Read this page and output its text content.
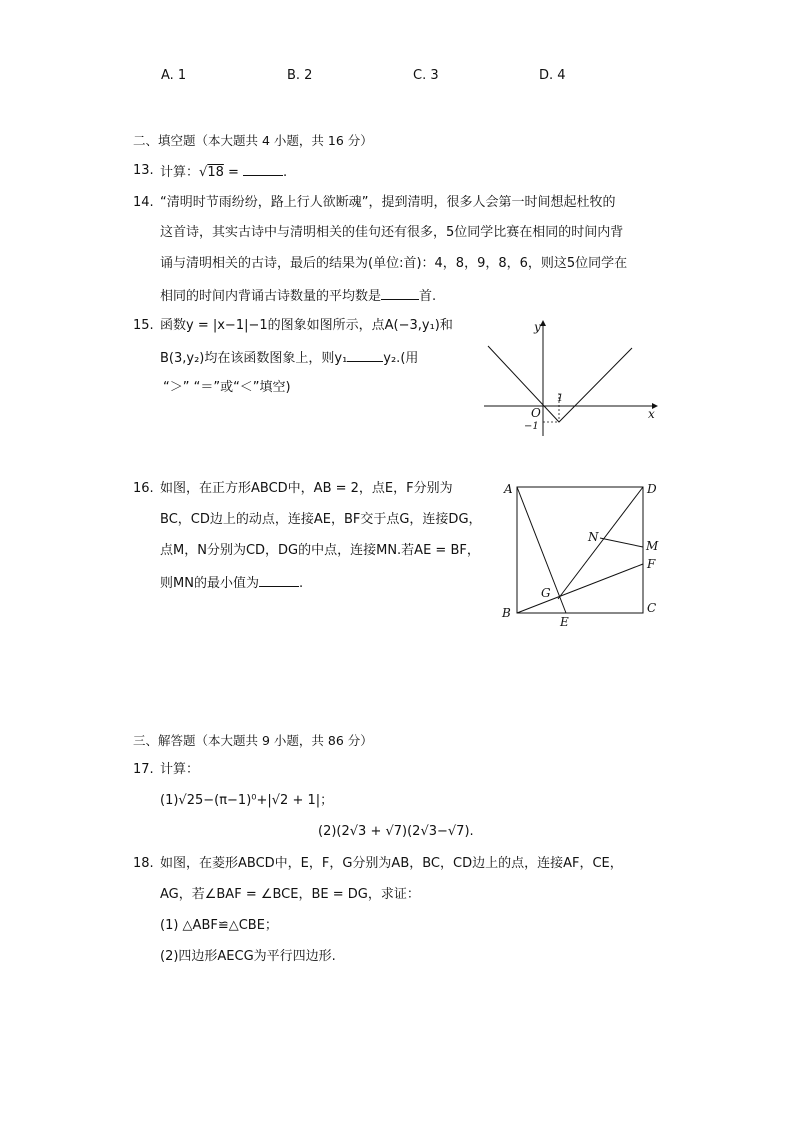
A. 1	B. 2	C. 3	D. 4
二、填空题（本大题共 4 小题，共 16 分）
13. 计算：√18 =	.
14. “清明时节雨纷纷，路上行人欲断魂”，提到清明，很多人会第一时间想起杜牧的
这首诗，其实古诗中与清明相关的佳句还有很多，5位同学比赛在相同的时间内背
诵与清明相关的古诗，最后的结果为(单位:首)：4，8，9，8，6，则这5位同学在
相同的时间内背诵古诗数量的平均数是	首.
15. 函数y = |x−1|−1的图象如图所示，点A(−3,y₁)和
B(3,y₂)均在该函数图象上，则y₁	y₂.(用
“＞” “＝”或“＜”填空)
y
x
O
1
−1
16. 如图，在正方形ABCD中，AB = 2，点E，F分别为
BC，CD边上的动点，连接AE，BF交于点G，连接DG，
点M，N分别为CD，DG的中点，连接MN.若AE = BF，
则MN的最小值为	.
A
B	C
D
E
F
G
M
N
三、解答题（本大题共 9 小题，共 86 分）
17. 计算：
(1)√25−(π−1)⁰+|√2 + 1|；
(2)(2√3 + √7)(2√3−√7).
18. 如图，在菱形ABCD中，E，F，G分别为AB，BC，CD边上的点，连接AF，CE，
AG，若∠BAF = ∠BCE，BE = DG，求证：
(1) △ABF≌△CBE；
(2)四边形AECG为平行四边形.
